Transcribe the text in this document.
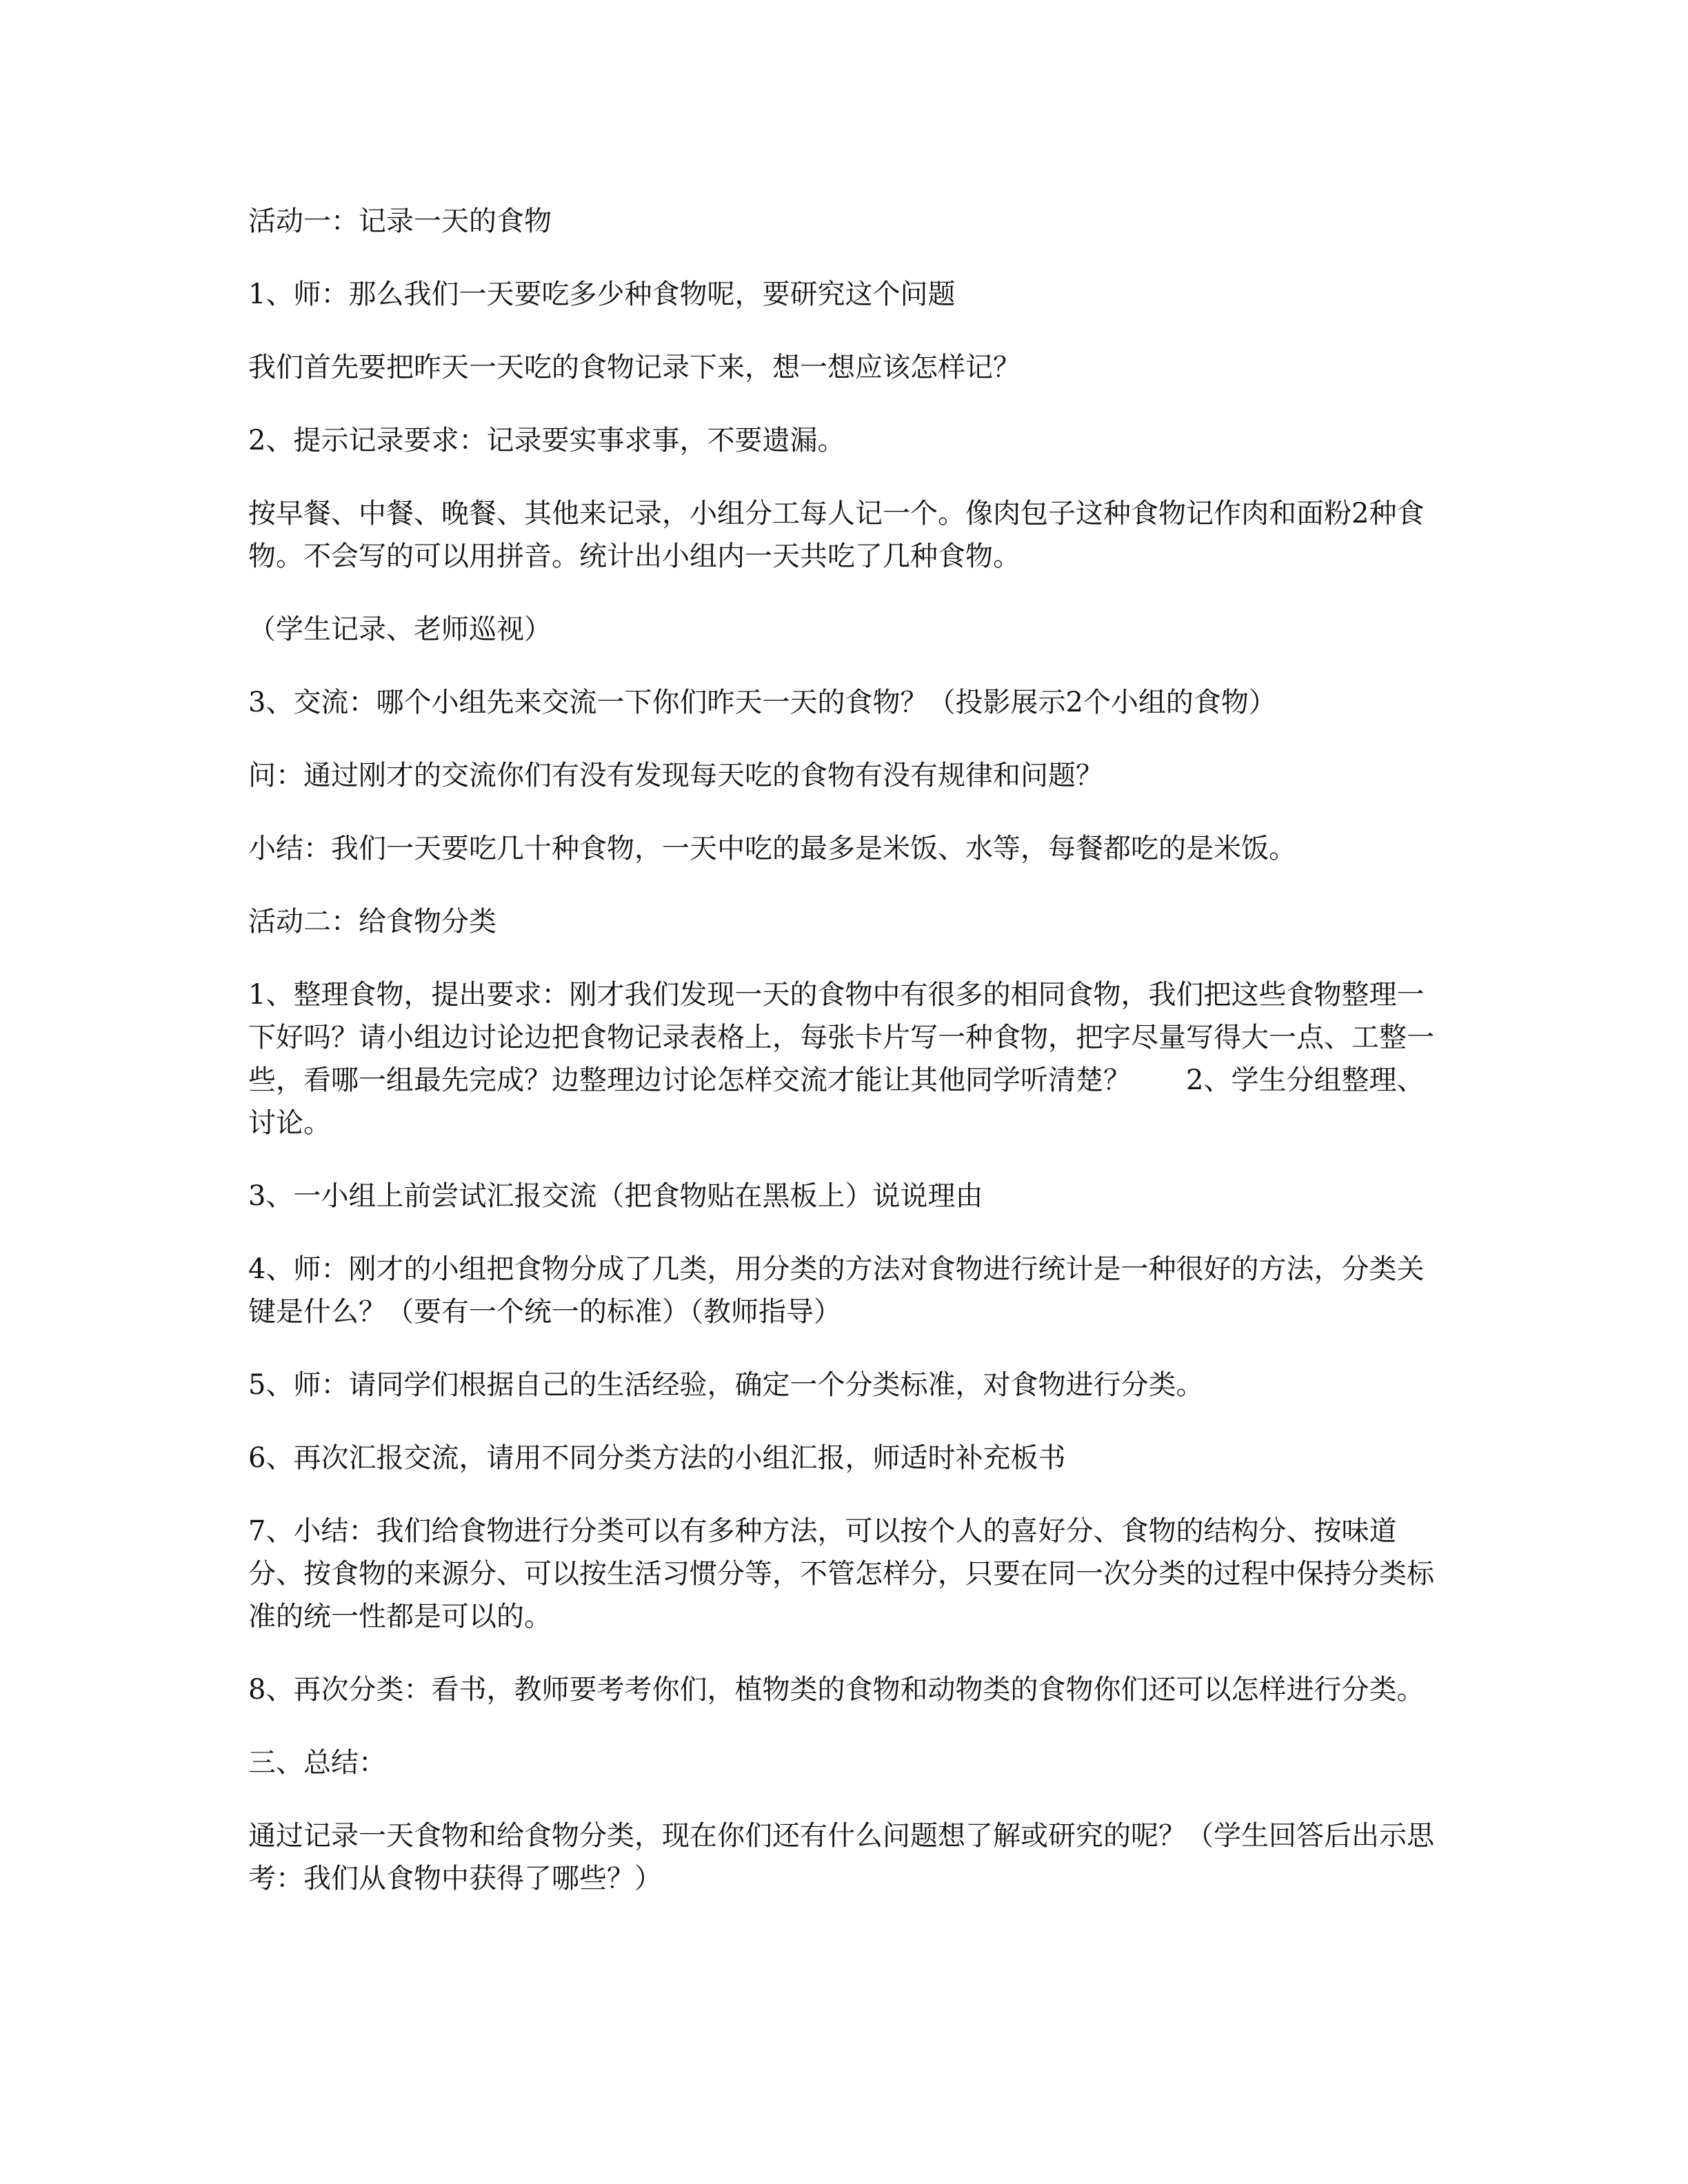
活动一：记录一天的食物

1、师：那么我们一天要吃多少种食物呢，要研究这个问题

我们首先要把昨天一天吃的食物记录下来，想一想应该怎样记？

2、提示记录要求：记录要实事求事，不要遗漏。

按早餐、中餐、晚餐、其他来记录，小组分工每人记一个。像肉包子这种食物记作肉和面粉2种食物。不会写的可以用拼音。统计出小组内一天共吃了几种食物。

（学生记录、老师巡视）

3、交流：哪个小组先来交流一下你们昨天一天的食物？（投影展示2个小组的食物）

问：通过刚才的交流你们有没有发现每天吃的食物有没有规律和问题？

小结：我们一天要吃几十种食物，一天中吃的最多是米饭、水等，每餐都吃的是米饭。

活动二：给食物分类

1、整理食物，提出要求：刚才我们发现一天的食物中有很多的相同食物，我们把这些食物整理一下好吗？请小组边讨论边把食物记录表格上，每张卡片写一种食物，把字尽量写得大一点、工整一些，看哪一组最先完成？边整理边讨论怎样交流才能让其他同学听清楚？　　2、学生分组整理、讨论。

3、一小组上前尝试汇报交流（把食物贴在黑板上）说说理由

4、师：刚才的小组把食物分成了几类，用分类的方法对食物进行统计是一种很好的方法，分类关键是什么？（要有一个统一的标准）（教师指导）

5、师：请同学们根据自己的生活经验，确定一个分类标准，对食物进行分类。

6、再次汇报交流，请用不同分类方法的小组汇报，师适时补充板书

7、小结：我们给食物进行分类可以有多种方法，可以按个人的喜好分、食物的结构分、按味道分、按食物的来源分、可以按生活习惯分等，不管怎样分，只要在同一次分类的过程中保持分类标准的统一性都是可以的。

8、再次分类：看书，教师要考考你们，植物类的食物和动物类的食物你们还可以怎样进行分类。

三、总结：

通过记录一天食物和给食物分类，现在你们还有什么问题想了解或研究的呢？（学生回答后出示思考：我们从食物中获得了哪些？）
